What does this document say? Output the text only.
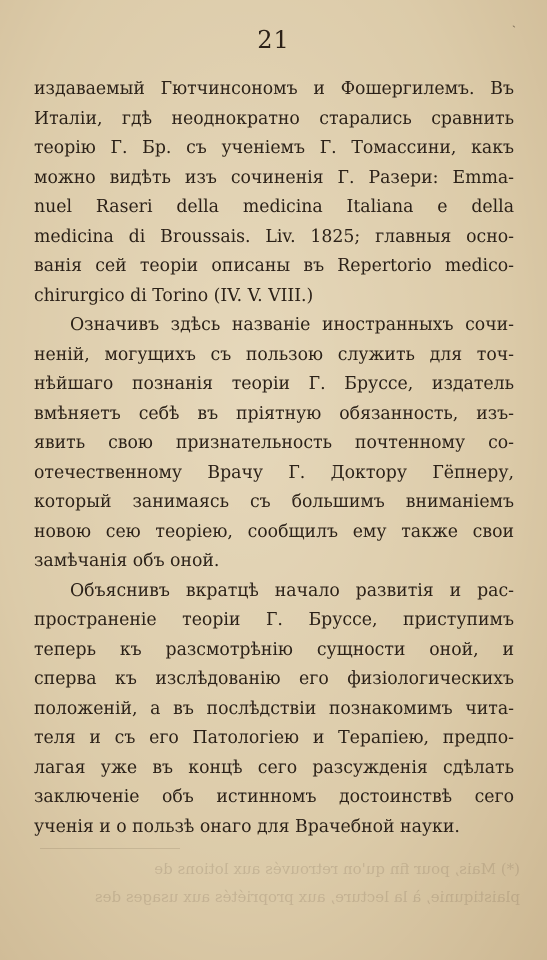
ˎ
21
издаваемый Гютчинсономъ и Фошергилемъ. Въ
Италіи, гдѣ неоднократно старались сравнить
теорію Г. Бр. съ ученіемъ Г. Томассини, какъ
можно видѣть изъ сочиненія Г. Разери: Emma-
nuel Raseri della medicina Italiana e della
medicina di Broussais. Liv. 1825; главныя осно-
ванія сей теоріи описаны въ Repertorio medico-
chirurgico di Torino (IV. V. VIII.)
Означивъ здѣсь названіе иностранныхъ сочи-
неній, могущихъ съ пользою служить для точ-
нѣйшаго познанія теоріи Г. Бруссе, издатель
вмѣняетъ себѣ въ пріятную обязанность, изъ-
явить свою признательность почтенному со-
отечественному Врачу Г. Доктору Гёпнеру,
который занимаясь съ большимъ вниманіемъ
новою сею теоріею, сообщилъ ему также свои
замѣчанія объ оной.
Объяснивъ вкратцѣ начало развитія и рас-
пространеніе теоріи Г. Бруссе, приступимъ
теперь къ разсмотрѣнію сущности оной, и
сперва къ изслѣдованію его физіологическихъ
положеній, а въ послѣдствіи познакомимъ чита-
теля и съ его Патологіею и Терапіею, предпо-
лагая уже въ концѣ сего разсужденія сдѣлать
заключеніе объ истинномъ достоинствѣ сего
ученія и о пользѣ онаго для Врачебной науки.
(*) Mais, pour fin qu'on retrouvés aux lotions de
plaistiqunie, à la lecture, aux propriétés aux usages des
